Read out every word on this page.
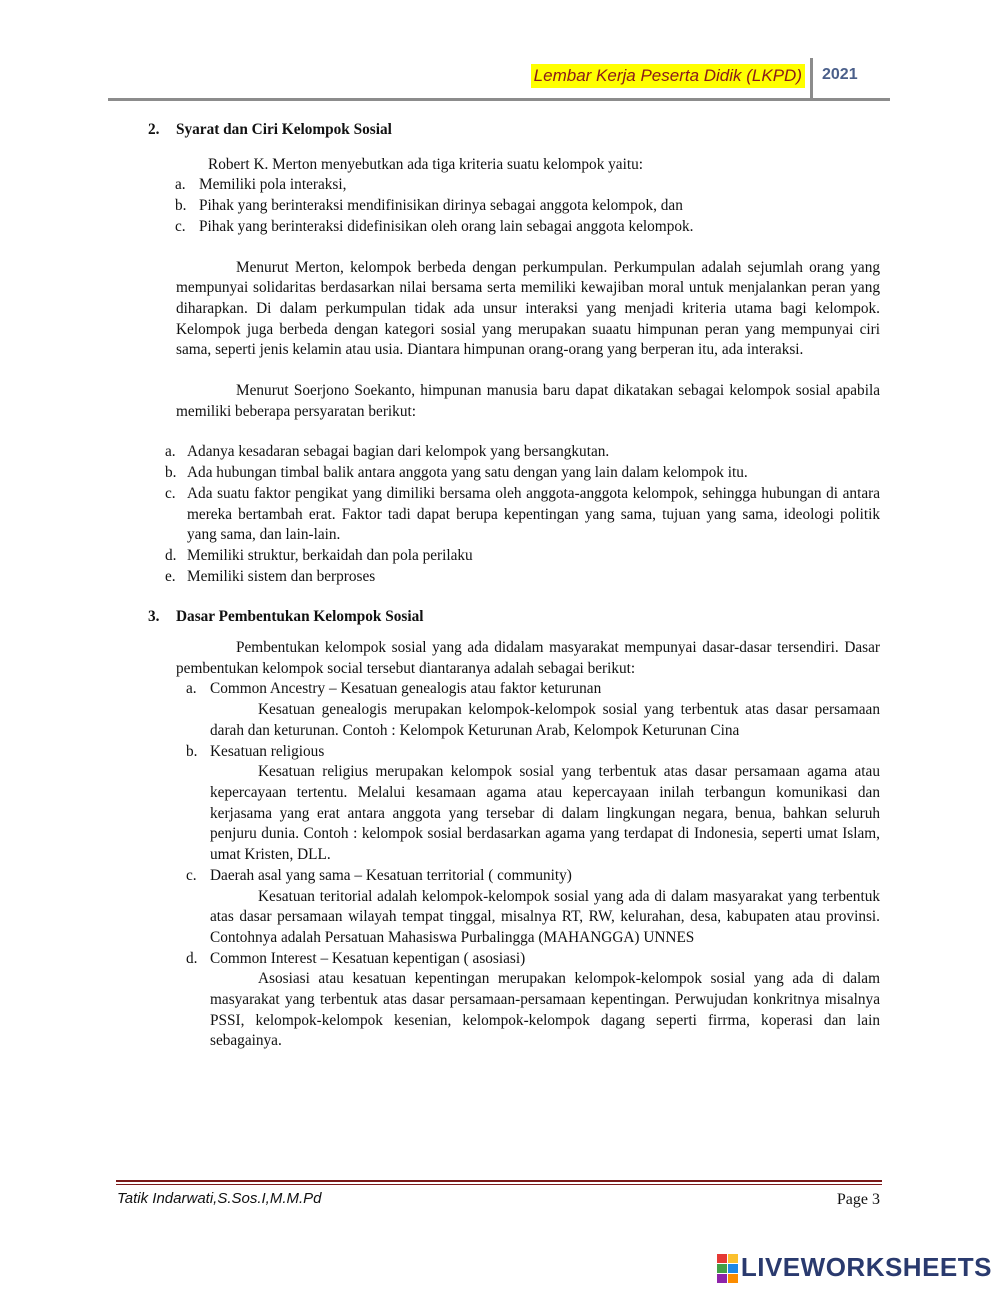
Lembar Kerja Peserta Didik (LKPD) 2021

2. Syarat dan Ciri Kelompok Sosial

Robert K. Merton menyebutkan ada tiga kriteria suatu kelompok yaitu:

a. Memiliki pola interaksi,
b. Pihak yang berinteraksi mendifinisikan dirinya sebagai anggota kelompok, dan
c. Pihak yang berinteraksi didefinisikan oleh orang lain sebagai anggota kelompok.

Menurut Merton, kelompok berbeda dengan perkumpulan. Perkumpulan adalah sejumlah orang yang mempunyai solidaritas berdasarkan nilai bersama serta memiliki kewajiban moral untuk menjalankan peran yang diharapkan. Di dalam perkumpulan tidak ada unsur interaksi yang menjadi kriteria utama bagi kelompok. Kelompok juga berbeda dengan kategori sosial yang merupakan suaatu himpunan peran yang mempunyai ciri sama, seperti jenis kelamin atau usia. Diantara himpunan orang-orang yang berperan itu, ada interaksi.

Menurut Soerjono Soekanto, himpunan manusia baru dapat dikatakan sebagai kelompok sosial apabila memiliki beberapa persyaratan berikut:

a. Adanya kesadaran sebagai bagian dari kelompok yang bersangkutan.
b. Ada hubungan timbal balik antara anggota yang satu dengan yang lain dalam kelompok itu.
c. Ada suatu faktor pengikat yang dimiliki bersama oleh anggota-anggota kelompok, sehingga hubungan di antara mereka bertambah erat. Faktor tadi dapat berupa kepentingan yang sama, tujuan yang sama, ideologi politik yang sama, dan lain-lain.
d. Memiliki struktur, berkaidah dan pola perilaku
e. Memiliki sistem dan berproses

3. Dasar Pembentukan Kelompok Sosial

Pembentukan kelompok sosial yang ada didalam masyarakat mempunyai dasar-dasar tersendiri. Dasar pembentukan kelompok social tersebut diantaranya adalah sebagai berikut:

a. Common Ancestry – Kesatuan genealogis atau faktor keturunan
Kesatuan genealogis merupakan kelompok-kelompok sosial yang terbentuk atas dasar persamaan darah dan keturunan. Contoh : Kelompok Keturunan Arab, Kelompok Keturunan Cina
b. Kesatuan religious
Kesatuan religius merupakan kelompok sosial yang terbentuk atas dasar persamaan agama atau kepercayaan tertentu. Melalui kesamaan agama atau kepercayaan inilah terbangun komunikasi dan kerjasama yang erat antara anggota yang tersebar di dalam lingkungan negara, benua, bahkan seluruh penjuru dunia. Contoh : kelompok sosial berdasarkan agama yang terdapat di Indonesia, seperti umat Islam, umat Kristen, DLL.
c. Daerah asal yang sama – Kesatuan territorial ( community)
Kesatuan teritorial adalah kelompok-kelompok sosial yang ada di dalam masyarakat yang terbentuk atas dasar persamaan wilayah tempat tinggal, misalnya RT, RW, kelurahan, desa, kabupaten atau provinsi. Contohnya adalah Persatuan Mahasiswa Purbalingga (MAHANGGA) UNNES
d. Common Interest – Kesatuan kepentigan ( asosiasi)
Asosiasi atau kesatuan kepentingan merupakan kelompok-kelompok sosial yang ada di dalam masyarakat yang terbentuk atas dasar persamaan-persamaan kepentingan. Perwujudan konkritnya misalnya PSSI, kelompok-kelompok kesenian, kelompok-kelompok dagang seperti firrma, koperasi dan lain sebagainya.
Tatik Indarwati,S.Sos.I,M.M.Pd	Page 3
LIVEWORKSHEETS
